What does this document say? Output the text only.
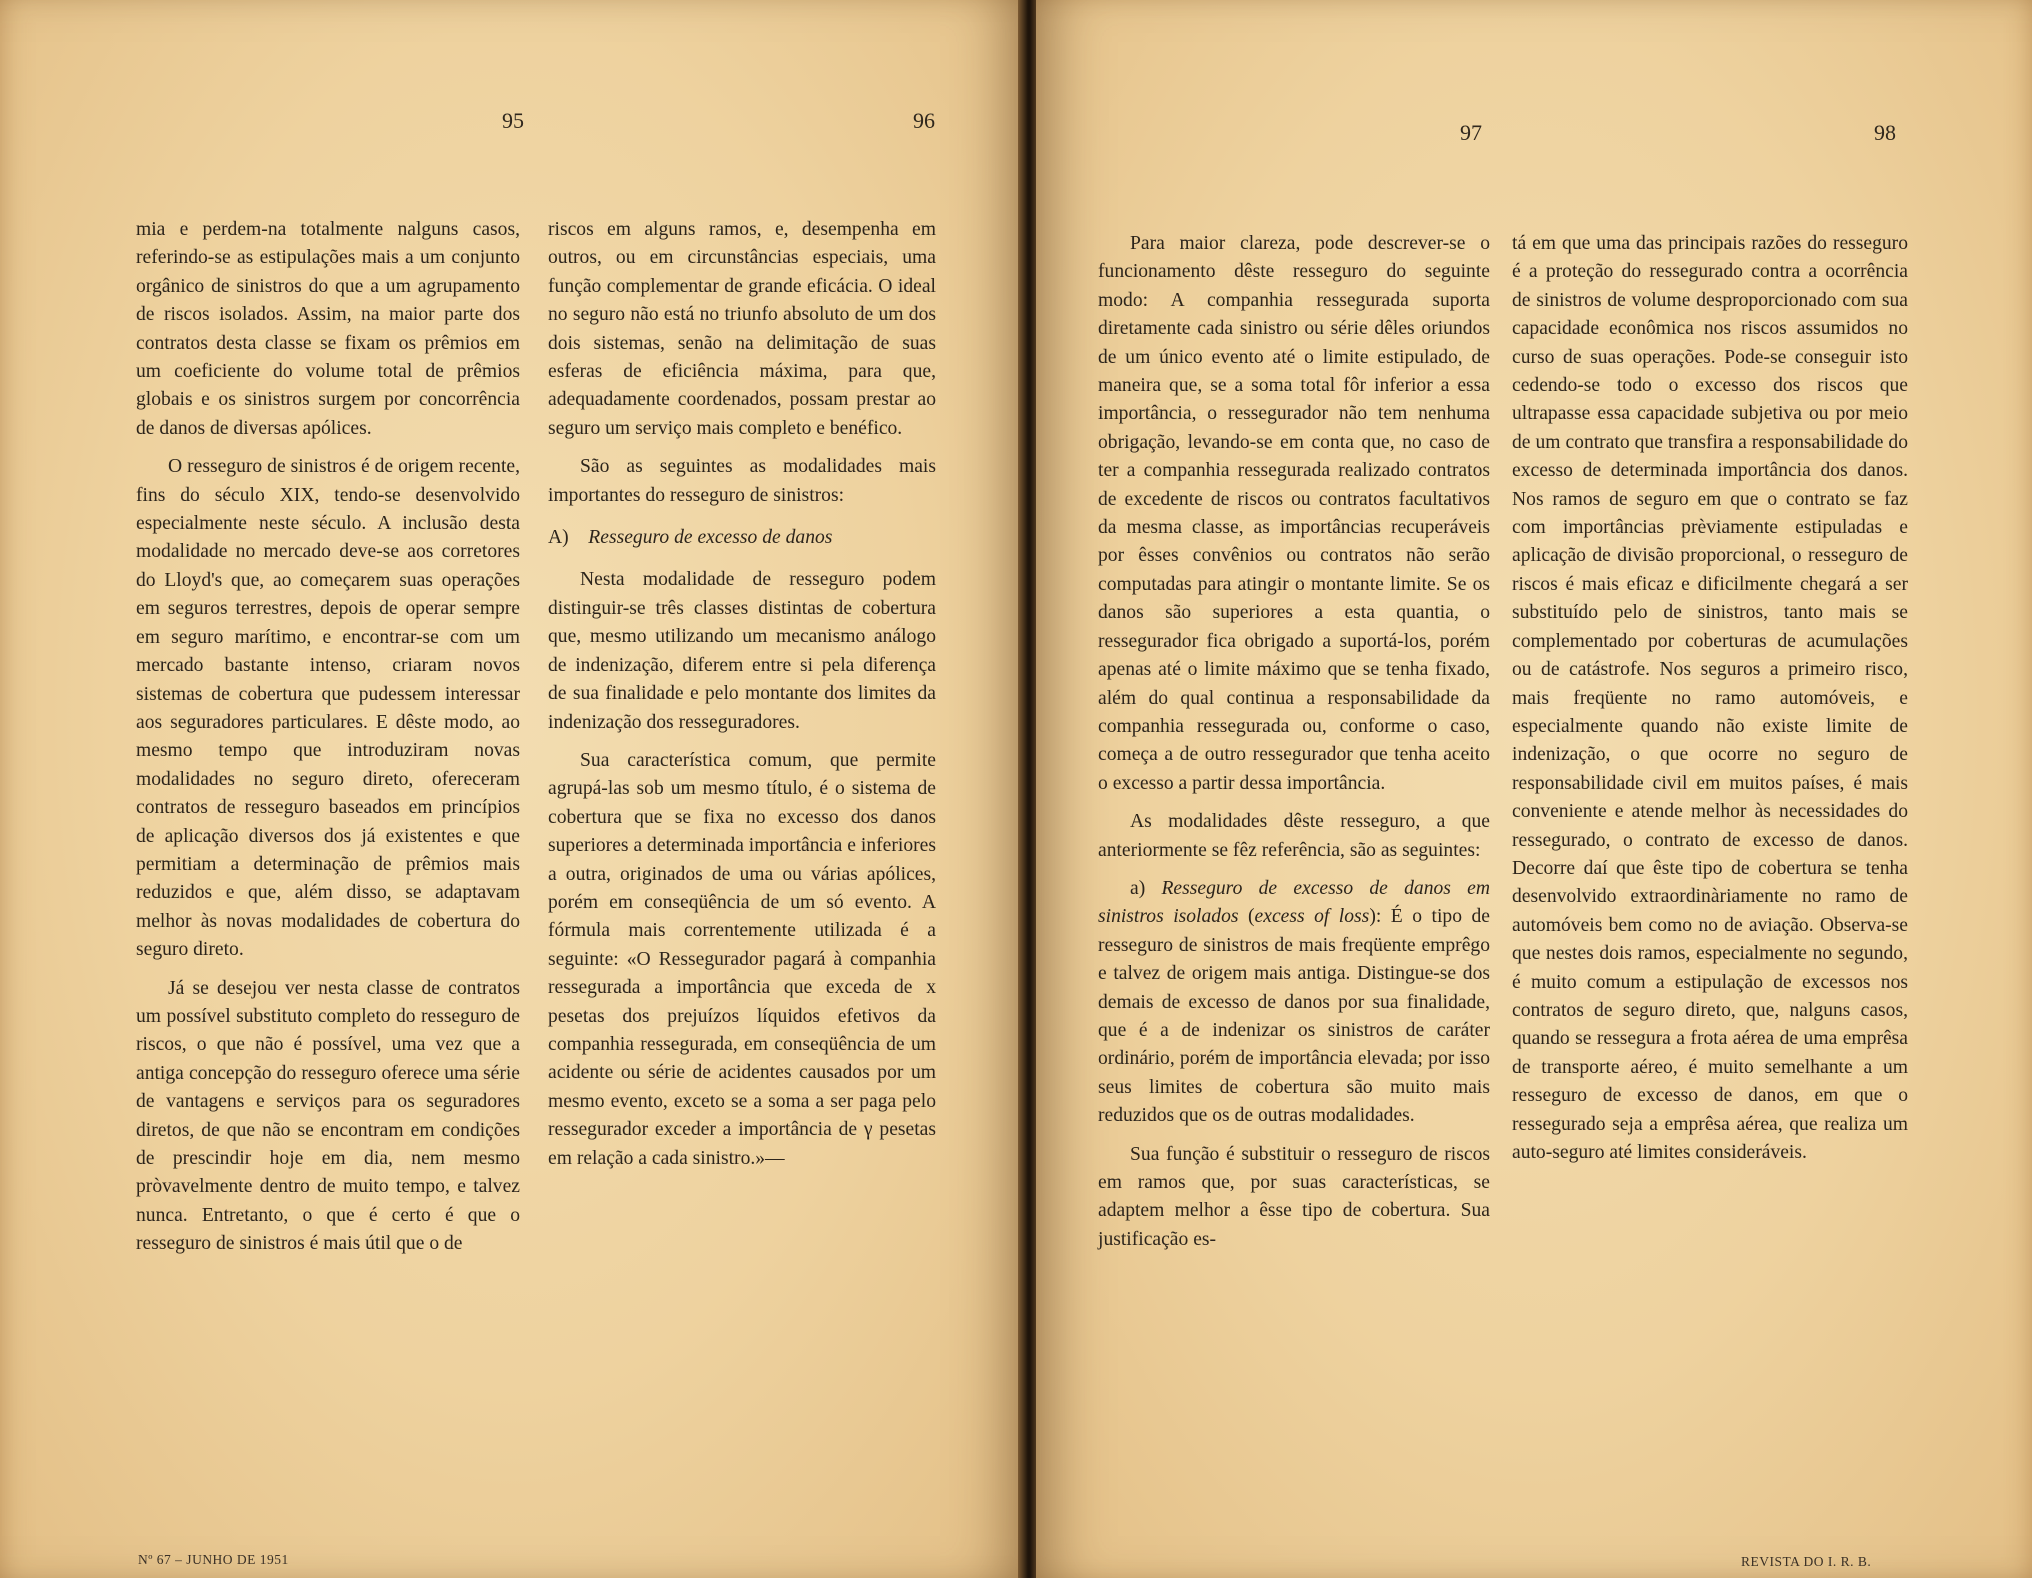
95	96

mia e perdem-na totalmente nalguns casos, referindo-se as estipulações mais a um conjunto orgânico de sinistros do que a um agrupamento de riscos isolados. Assim, na maior parte dos contratos desta classe se fixam os prêmios em um coeficiente do volume total de prêmios globais e os sinistros surgem por concorrência de danos de diversas apólices.

O resseguro de sinistros é de origem recente, fins do século XIX, tendo-se desenvolvido especialmente neste século. A inclusão desta modalidade no mercado deve-se aos corretores do Lloyd's que, ao começarem suas operações em seguros terrestres, depois de operar sempre em seguro marítimo, e encontrar-se com um mercado bastante intenso, criaram novos sistemas de cobertura que pudessem interessar aos seguradores particulares. E dêste modo, ao mesmo tempo que introduziram novas modalidades no seguro direto, ofereceram contratos de resseguro baseados em princípios de aplicação diversos dos já existentes e que permitiam a determinação de prêmios mais reduzidos e que, além disso, se adaptavam melhor às novas modalidades de cobertura do seguro direto.

Já se desejou ver nesta classe de contratos um possível substituto completo do resseguro de riscos, o que não é possível, uma vez que a antiga concepção do resseguro oferece uma série de vantagens e serviços para os seguradores diretos, de que não se encontram em condições de prescindir hoje em dia, nem mesmo pròvavelmente dentro de muito tempo, e talvez nunca. Entretanto, o que é certo é que o resseguro de sinistros é mais útil que o de

riscos em alguns ramos, e, desempenha em outros, ou em circunstâncias especiais, uma função complementar de grande eficácia. O ideal no seguro não está no triunfo absoluto de um dos dois sistemas, senão na delimitação de suas esferas de eficiência máxima, para que, adequadamente coordenados, possam prestar ao seguro um serviço mais completo e benéfico.

São as seguintes as modalidades mais importantes do resseguro de sinistros:

A) Resseguro de excesso de danos

Nesta modalidade de resseguro podem distinguir-se três classes distintas de cobertura que, mesmo utilizando um mecanismo análogo de indenização, diferem entre si pela diferença de sua finalidade e pelo montante dos limites da indenização dos resseguradores.

Sua característica comum, que permite agrupá-las sob um mesmo título, é o sistema de cobertura que se fixa no excesso dos danos superiores a determinada importância e inferiores a outra, originados de uma ou várias apólices, porém em conseqüência de um só evento. A fórmula mais correntemente utilizada é a seguinte: «O Ressegurador pagará à companhia ressegurada a importância que exceda de x pesetas dos prejuízos líquidos efetivos da companhia ressegurada, em conseqüência de um acidente ou série de acidentes causados por um mesmo evento, exceto se a soma a ser paga pelo ressegurador exceder a importância de γ pesetas em relação a cada sinistro.»—

Nº 67 – JUNHO DE 1951
97	98

Para maior clareza, pode descrever-se o funcionamento dêste resseguro do seguinte modo: A companhia ressegurada suporta diretamente cada sinistro ou série dêles oriundos de um único evento até o limite estipulado, de maneira que, se a soma total fôr inferior a essa importância, o ressegurador não tem nenhuma obrigação, levando-se em conta que, no caso de ter a companhia ressegurada realizado contratos de excedente de riscos ou contratos facultativos da mesma classe, as importâncias recuperáveis por êsses convênios ou contratos não serão computadas para atingir o montante limite. Se os danos são superiores a esta quantia, o ressegurador fica obrigado a suportá-los, porém apenas até o limite máximo que se tenha fixado, além do qual continua a responsabilidade da companhia ressegurada ou, conforme o caso, começa a de outro ressegurador que tenha aceito o excesso a partir dessa importância.

As modalidades dêste resseguro, a que anteriormente se fêz referência, são as seguintes:

a) Resseguro de excesso de danos em sinistros isolados (excess of loss): É o tipo de resseguro de sinistros de mais freqüente emprêgo e talvez de origem mais antiga. Distingue-se dos demais de excesso de danos por sua finalidade, que é a de indenizar os sinistros de caráter ordinário, porém de importância elevada; por isso seus limites de cobertura são muito mais reduzidos que os de outras modalidades.

Sua função é substituir o resseguro de riscos em ramos que, por suas características, se adaptem melhor a êsse tipo de cobertura. Sua justificação es-

tá em que uma das principais razões do resseguro é a proteção do ressegurado contra a ocorrência de sinistros de volume desproporcionado com sua capacidade econômica nos riscos assumidos no curso de suas operações. Pode-se conseguir isto cedendo-se todo o excesso dos riscos que ultrapasse essa capacidade subjetiva ou por meio de um contrato que transfira a responsabilidade do excesso de determinada importância dos danos. Nos ramos de seguro em que o contrato se faz com importâncias prèviamente estipuladas e aplicação de divisão proporcional, o resseguro de riscos é mais eficaz e dificilmente chegará a ser substituído pelo de sinistros, tanto mais se complementado por coberturas de acumulações ou de catástrofe. Nos seguros a primeiro risco, mais freqüente no ramo automóveis, e especialmente quando não existe limite de indenização, o que ocorre no seguro de responsabilidade civil em muitos países, é mais conveniente e atende melhor às necessidades do ressegurado, o contrato de excesso de danos. Decorre daí que êste tipo de cobertura se tenha desenvolvido extraordinàriamente no ramo de automóveis bem como no de aviação. Observa-se que nestes dois ramos, especialmente no segundo, é muito comum a estipulação de excessos nos contratos de seguro direto, que, nalguns casos, quando se ressegura a frota aérea de uma emprêsa de transporte aéreo, é muito semelhante a um resseguro de excesso de danos, em que o ressegurado seja a emprêsa aérea, que realiza um auto-seguro até limites consideráveis.

REVISTA DO I. R. B.
